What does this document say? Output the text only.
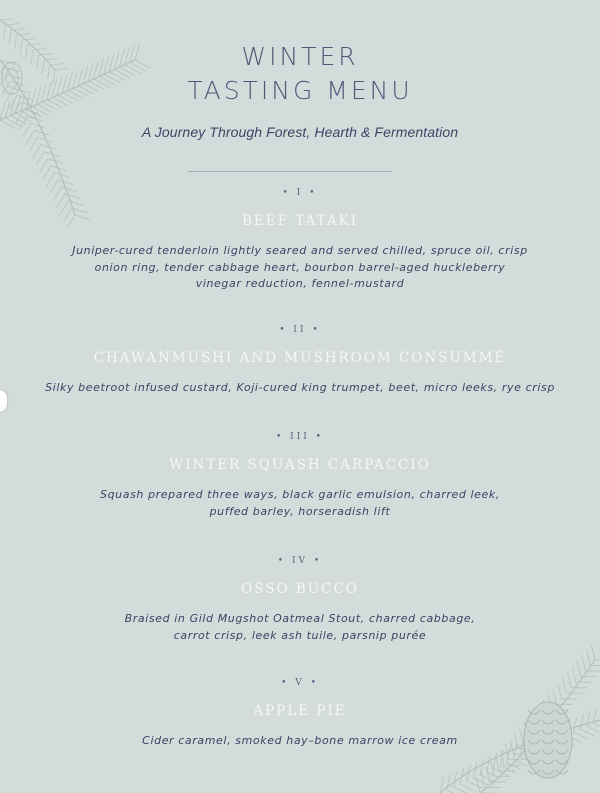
WINTER
TASTING MENU
A Journey Through Forest, Hearth & Fermentation
• I •
BEEF TATAKI
Juniper-cured tenderloin lightly seared and served chilled, spruce oil, crisp
onion ring, tender cabbage heart, bourbon barrel-aged huckleberry
vinegar reduction, fennel-mustard
• II •
CHAWANMUSHI AND MUSHROOM CONSUMMÉ
Silky beetroot infused custard, Koji-cured king trumpet, beet, micro leeks, rye crisp
• III •
WINTER SQUASH CARPACCIO
Squash prepared three ways, black garlic emulsion, charred leek,
puffed barley, horseradish lift
• IV •
OSSO BUCCO
Braised in Gild Mugshot Oatmeal Stout, charred cabbage,
carrot crisp, leek ash tuile, parsnip purée
• V •
APPLE PIE
Cider caramel, smoked hay–bone marrow ice cream
